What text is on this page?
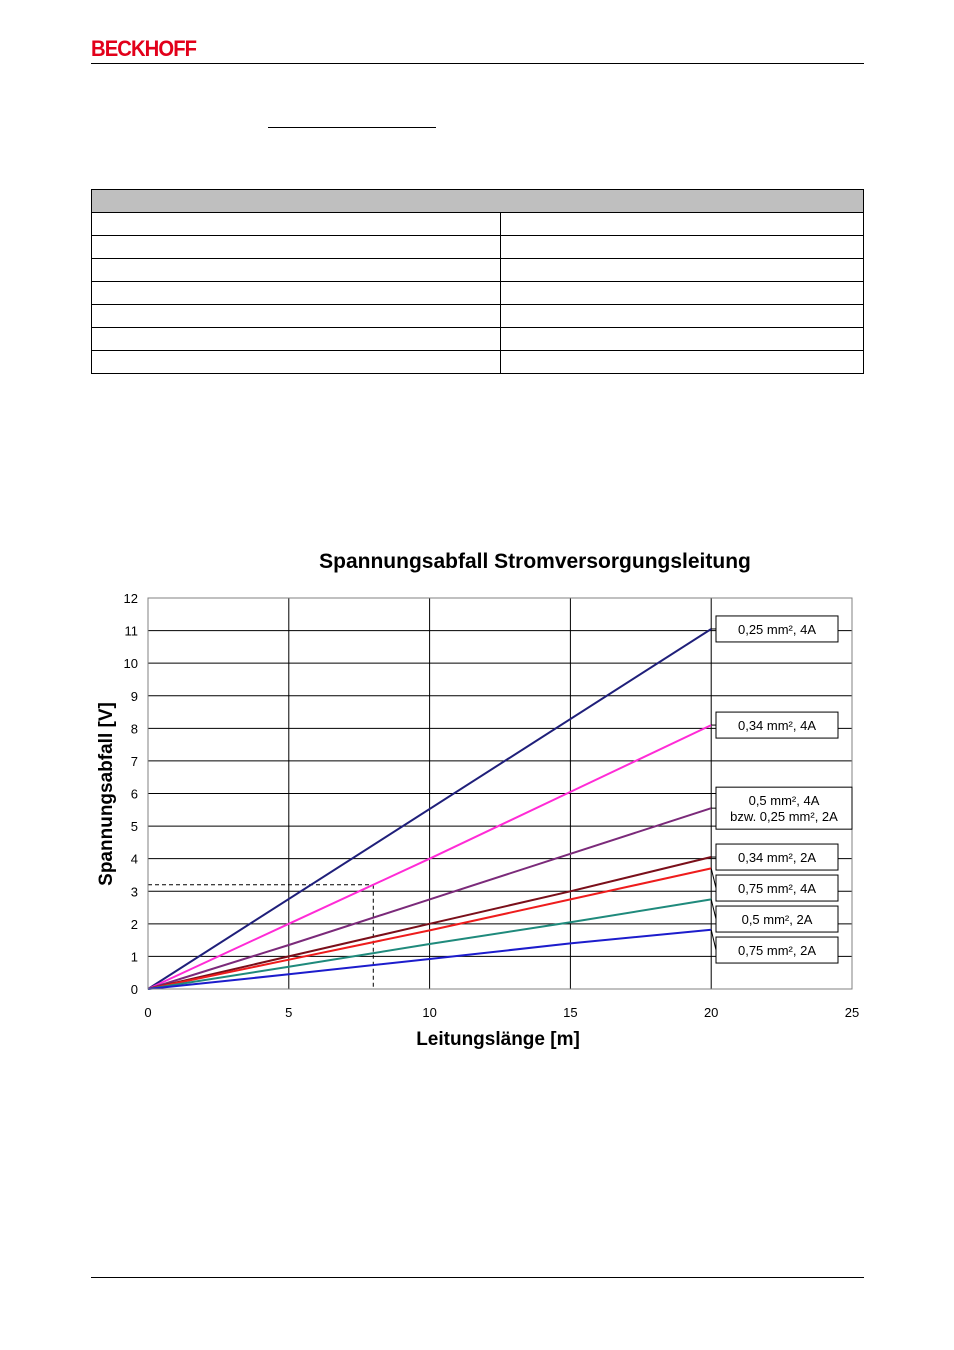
BECKHOFF

Spannungsabfall Stromversorgungsleitung
0
1
2
3
4
5
6
7
8
9
10
11
12
0	5	10	15	20	25
0,25 mm², 4A
0,34 mm², 4A
0,5 mm², 4A
bzw. 0,25 mm², 2A
0,34 mm², 2A
0,75 mm², 4A
0,5 mm², 2A
0,75 mm², 2A
Leitungslänge [m]
Spannungsabfall [V]
